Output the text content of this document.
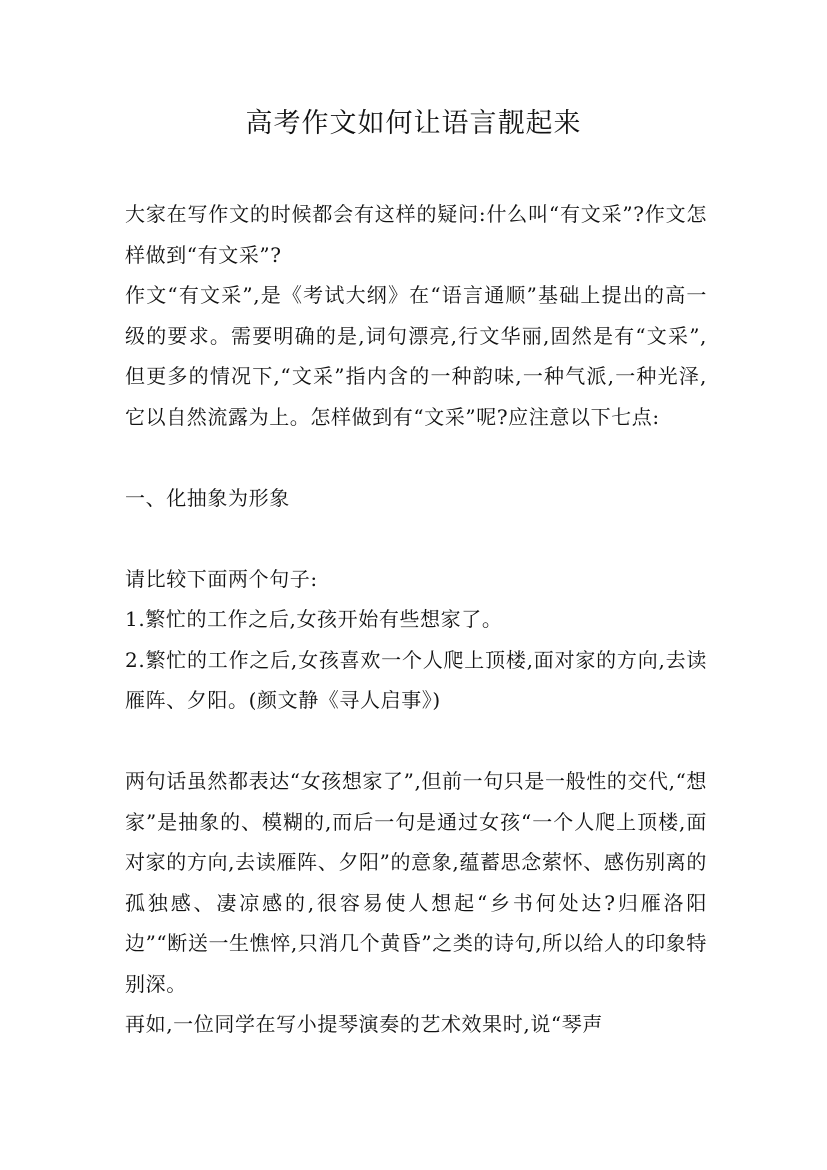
高考作文如何让语言靓起来

大家在写作文的时候都会有这样的疑问:什么叫“有文采”?作文怎样做到“有文采”?

作文“有文采”,是《考试大纲》在“语言通顺”基础上提出的高一级的要求。需要明确的是,词句漂亮,行文华丽,固然是有“文采”,但更多的情况下,“文采”指内含的一种韵味,一种气派,一种光泽,它以自然流露为上。怎样做到有“文采”呢?应注意以下七点:

一、化抽象为形象

请比较下面两个句子:

1.繁忙的工作之后,女孩开始有些想家了。

2.繁忙的工作之后,女孩喜欢一个人爬上顶楼,面对家的方向,去读雁阵、夕阳。(颜文静《寻人启事》)

两句话虽然都表达“女孩想家了”,但前一句只是一般性的交代,“想家”是抽象的、模糊的,而后一句是通过女孩“一个人爬上顶楼,面对家的方向,去读雁阵、夕阳”的意象,蕴蓄思念萦怀、感伤别离的孤独感、凄凉感的,很容易使人想起“乡书何处达?归雁洛阳边”“断送一生憔悴,只消几个黄昏”之类的诗句,所以给人的印象特别深。

再如,一位同学在写小提琴演奏的艺术效果时,说“琴声
